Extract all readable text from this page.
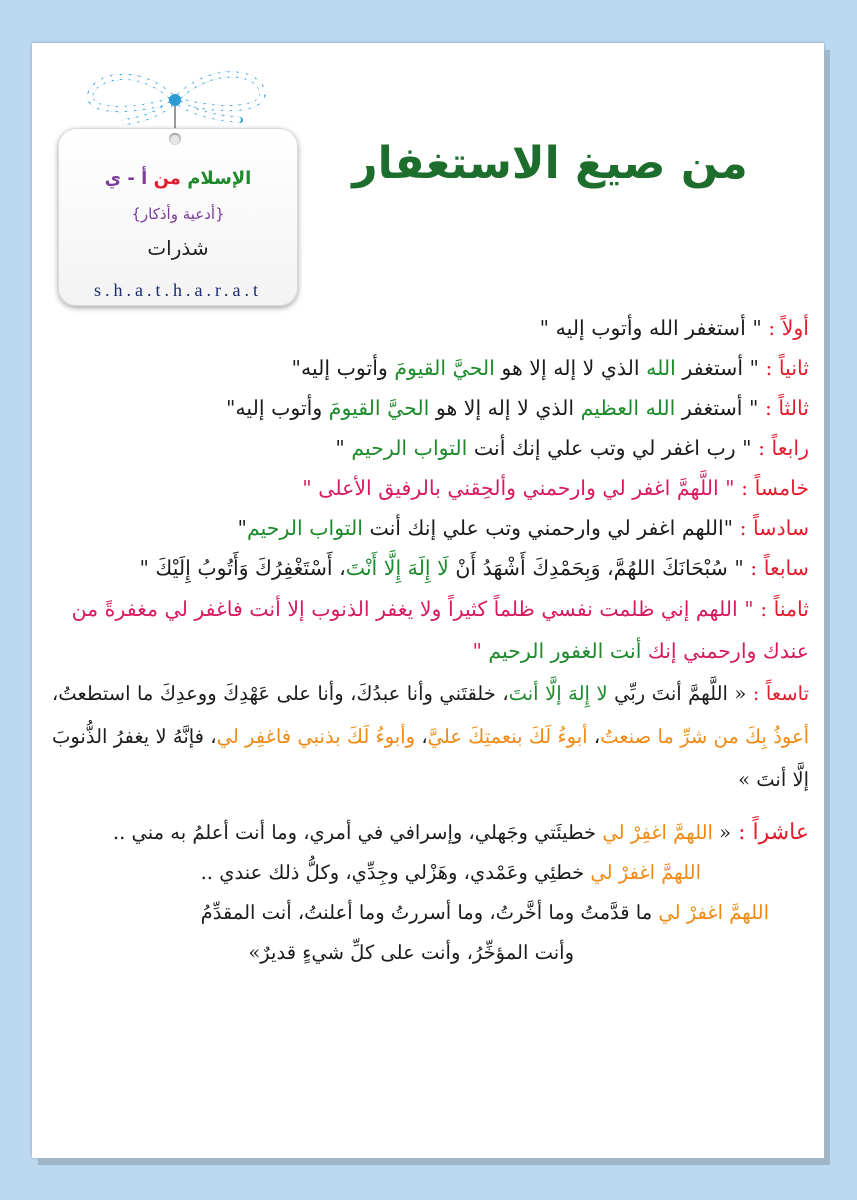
الإسلام من أ - ي
{أدعية وأذكار}
شذرات
s.h.a.t.h.a.r.a.t
من صيغ الاستغفار
أولاً : " أستغفر الله وأتوب إليه "
ثانياً : " أستغفر الله الذي لا إله إلا هو الحيَّ القيومَ وأتوب إليه"
ثالثاً : " أستغفر الله العظيم الذي لا إله إلا هو الحيَّ القيومَ وأتوب إليه"
رابعاً : " رب اغفر لي وتب علي إنك أنت التواب الرحيم "
خامساً : " اللَّهمَّ اغفر لي وارحمني وألحِقني بالرفيق الأعلى "
سادساً : "اللهم اغفر لي وارحمني وتب علي إنك أنت التواب الرحيم"
سابعاً : " سُبْحَانَكَ اللهُمَّ، وَبِحَمْدِكَ أَشْهَدُ أَنْ لَا إِلَهَ إِلَّا أَنْتَ، أَسْتَغْفِرُكَ وَأَتُوبُ إِلَيْكَ "
ثامناً : " اللهم إني ظلمت نفسي ظلماً كثيراً ولا يغفر الذنوب إلا أنت فاغفر لي مغفرةً من عندك وارحمني إنك أنت الغفور الرحيم "
تاسعاً : « اللَّهمَّ أنتَ ربِّي لا إِلهَ إلَّا أنتَ، خلقتَني وأنا عبدُكَ، وأنا على عَهْدِكَ ووعدِكَ ما استطعتُ، أعوذُ بِكَ من شرِّ ما صنعتُ، أبوءُ لَكَ بنعمتِكَ عليَّ، وأبوءُ لَكَ بذنبي فاغفِر لي، فإنَّهُ لا يغفرُ الذُّنوبَ إلَّا أنتَ »
عاشراً : « اللهمَّ اغفِرْ لي خطيئَتي وجَهلي، وإسرافي في أمري، وما أنت أعلمُ به مني ..
اللهمَّ اغفرْ لي خطئِي وعَمْدي، وهَزْلي وجِدِّي، وكلُّ ذلك عندي ..
اللهمَّ اغفرْ لي ما قدَّمتُ وما أخَّرتُ، وما أسررتُ وما أعلنتُ، أنت المقدِّمُ
وأنت المؤخِّرُ، وأنت على كلِّ شيءٍ قديرٌ»
